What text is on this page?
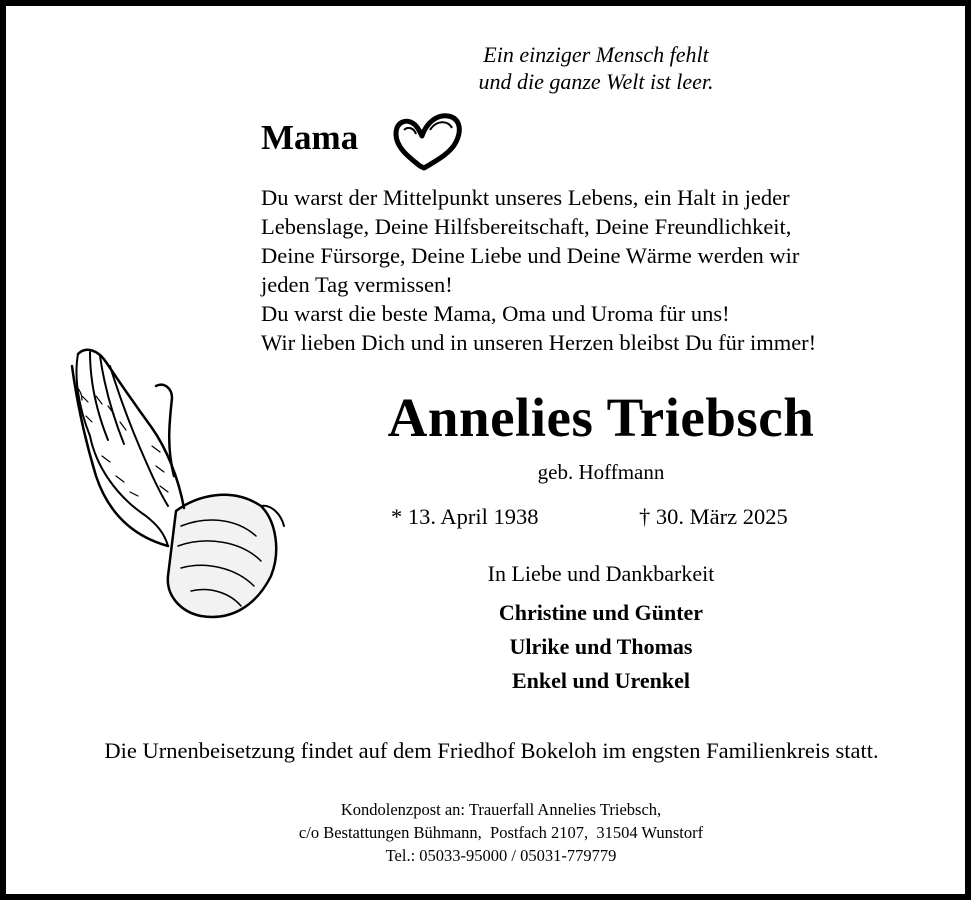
Ein einziger Mensch fehlt
und die ganze Welt ist leer.
Mama
Du warst der Mittelpunkt unseres Lebens, ein Halt in jeder
Lebenslage, Deine Hilfsbereitschaft, Deine Freundlichkeit,
Deine Fürsorge, Deine Liebe und Deine Wärme werden wir
jeden Tag vermissen!
Du warst die beste Mama, Oma und Uroma für uns!
Wir lieben Dich und in unseren Herzen bleibst Du für immer!
Annelies Triebsch
geb. Hoffmann
* 13. April 1938	† 30. März 2025
In Liebe und Dankbarkeit
Christine und Günter
Ulrike und Thomas
Enkel und Urenkel
Die Urnenbeisetzung findet auf dem Friedhof Bokeloh im engsten Familienkreis statt.
Kondolenzpost an: Trauerfall Annelies Triebsch,
c/o Bestattungen Bühmann,  Postfach 2107,  31504 Wunstorf
Tel.: 05033-95000 / 05031-779779
